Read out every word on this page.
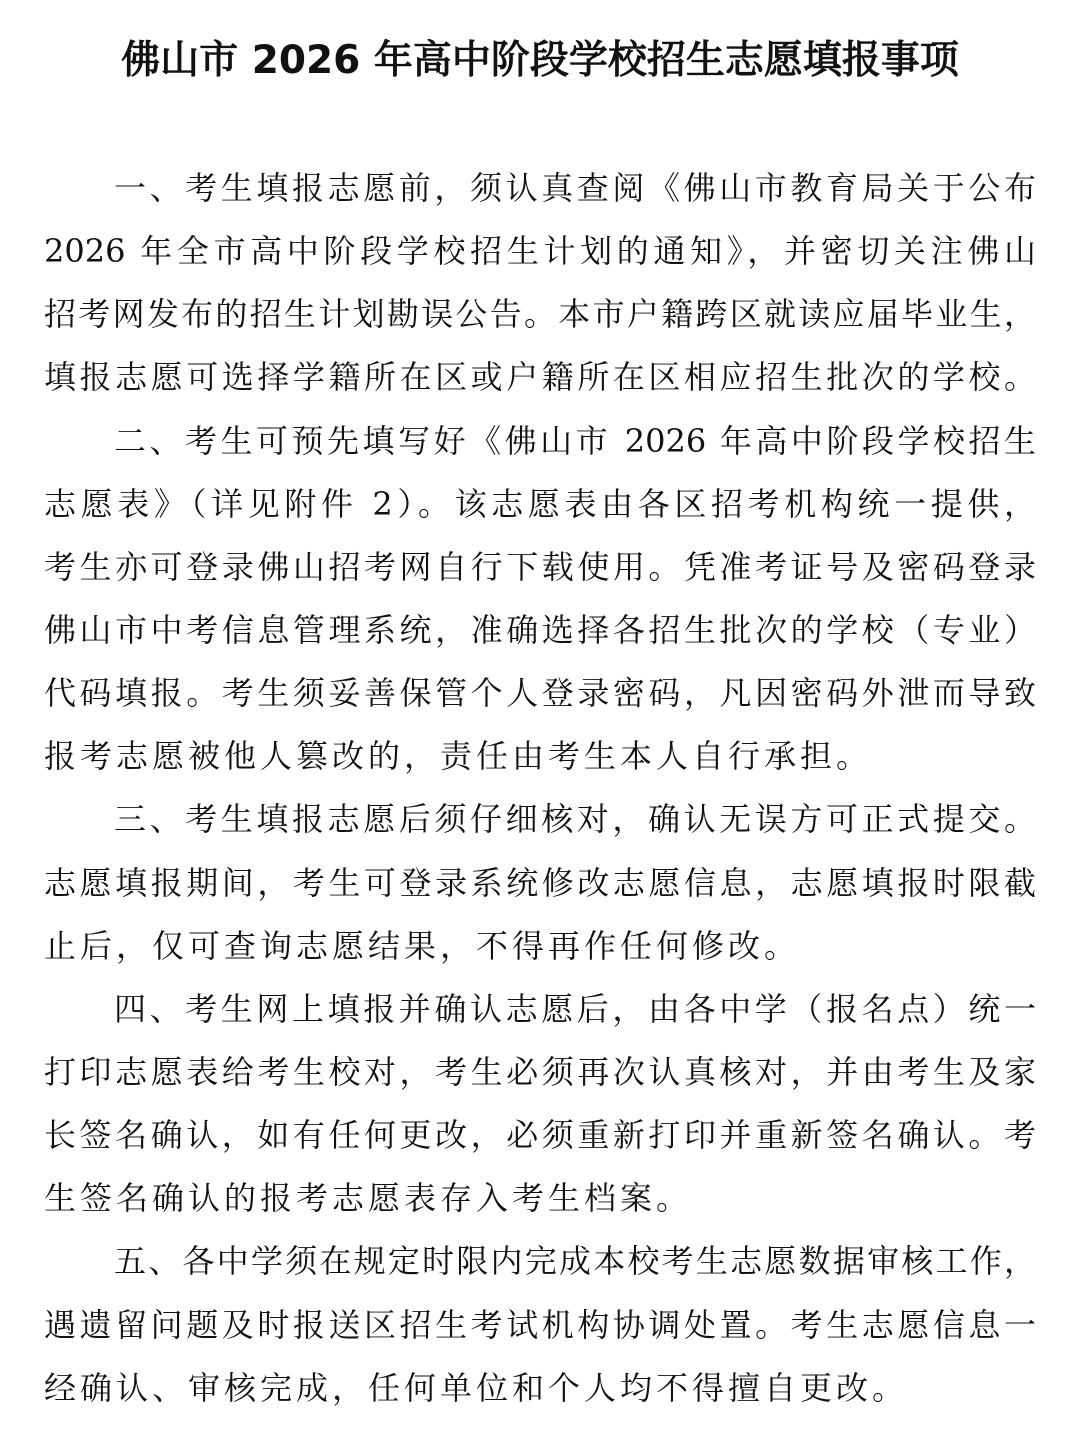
佛山市 2026 年高中阶段学校招生志愿填报事项
一、考生填报志愿前，须认真查阅《佛山市教育局关于公布
2026 年全市高中阶段学校招生计划的通知》，并密切关注佛山
招考网发布的招生计划勘误公告。本市户籍跨区就读应届毕业生，
填报志愿可选择学籍所在区或户籍所在区相应招生批次的学校。
二、考生可预先填写好《佛山市 2026 年高中阶段学校招生
志愿表》（详见附件 2）。该志愿表由各区招考机构统一提供，
考生亦可登录佛山招考网自行下载使用。凭准考证号及密码登录
佛山市中考信息管理系统，准确选择各招生批次的学校（专业）
代码填报。考生须妥善保管个人登录密码，凡因密码外泄而导致
报考志愿被他人篡改的，责任由考生本人自行承担。
三、考生填报志愿后须仔细核对，确认无误方可正式提交。
志愿填报期间，考生可登录系统修改志愿信息，志愿填报时限截
止后，仅可查询志愿结果，不得再作任何修改。
四、考生网上填报并确认志愿后，由各中学（报名点）统一
打印志愿表给考生校对，考生必须再次认真核对，并由考生及家
长签名确认，如有任何更改，必须重新打印并重新签名确认。考
生签名确认的报考志愿表存入考生档案。
五、各中学须在规定时限内完成本校考生志愿数据审核工作，
遇遗留问题及时报送区招生考试机构协调处置。考生志愿信息一
经确认、审核完成，任何单位和个人均不得擅自更改。
